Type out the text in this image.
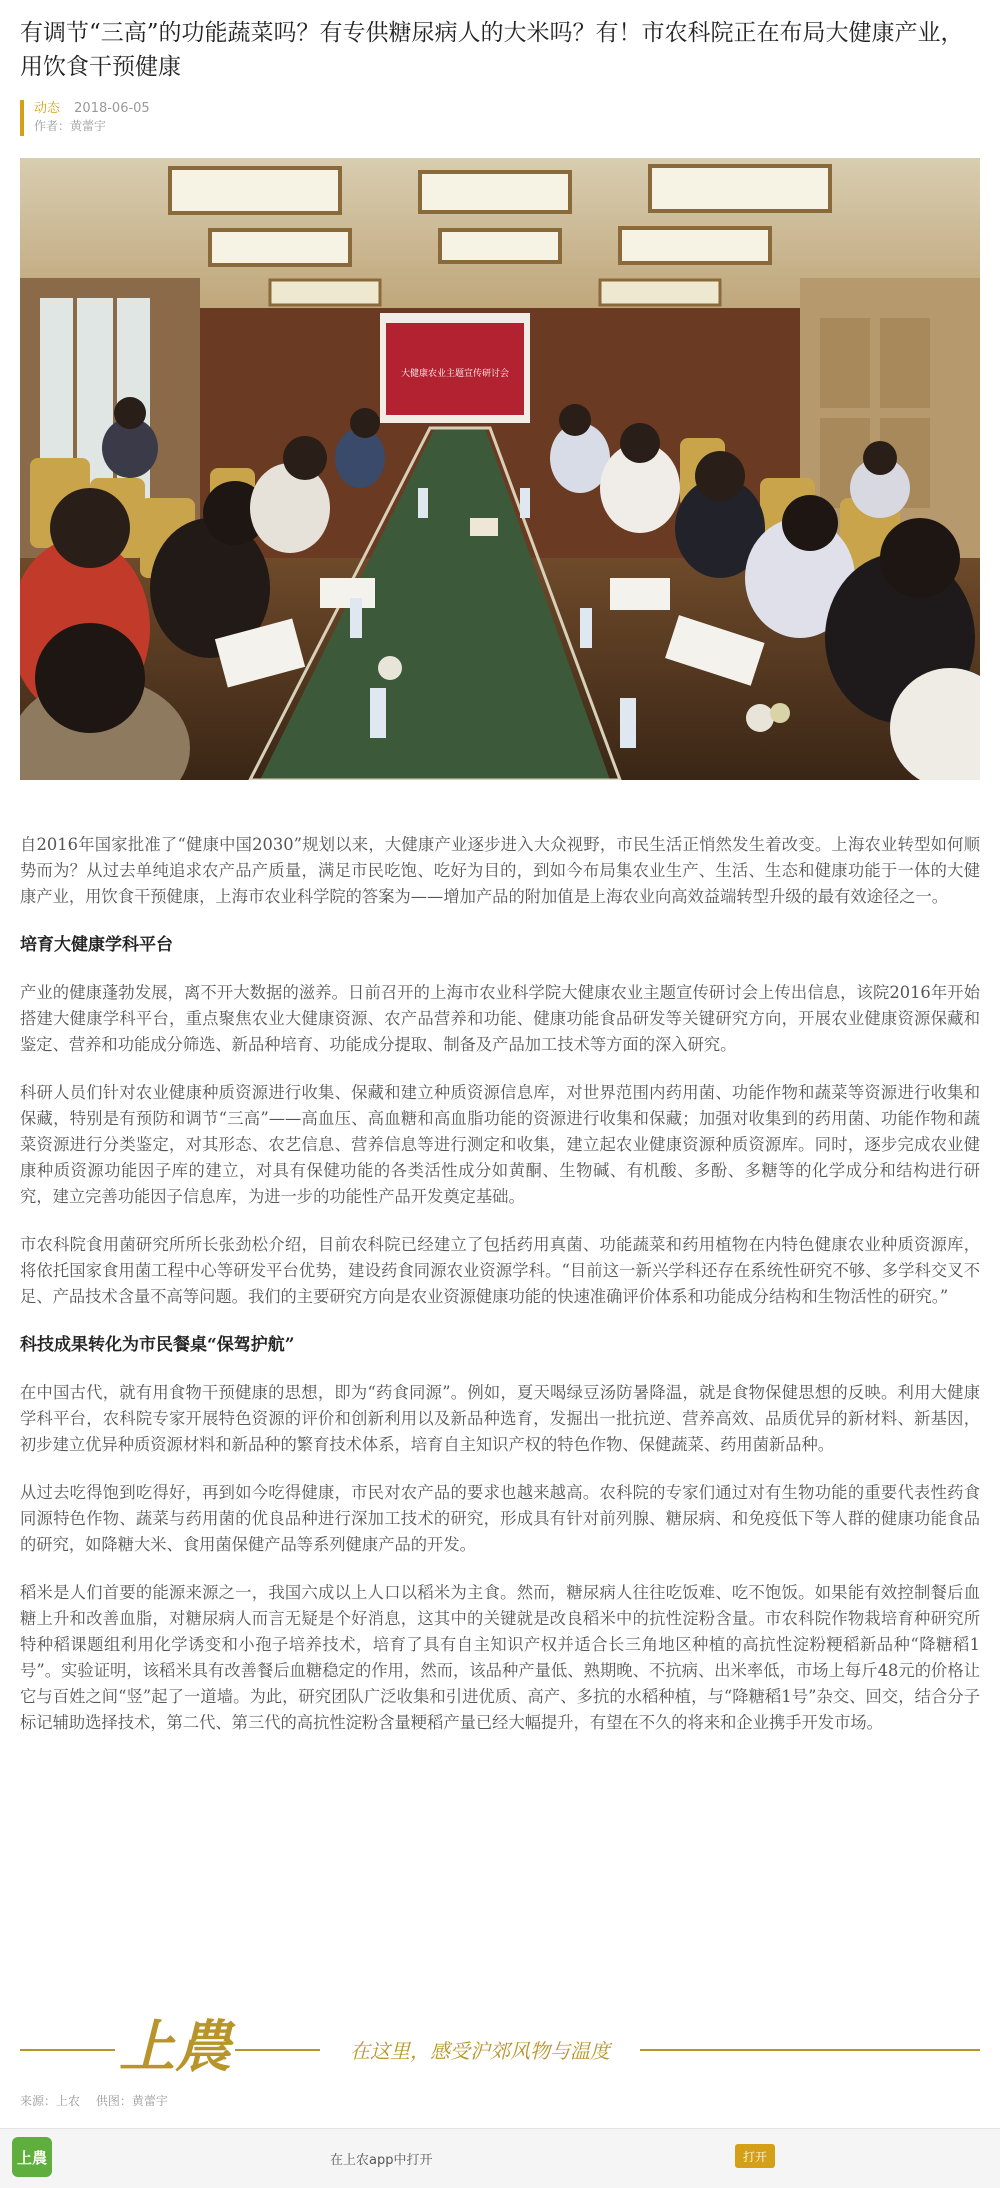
有调节“三高”的功能蔬菜吗？有专供糖尿病人的大米吗？有！市农科院正在布局大健康产业，用饮食干预健康
动态 2018-06-05
作者：黄蕾宇
大健康农业主题宣传研讨会

自2016年国家批准了“健康中国2030”规划以来，大健康产业逐步进入大众视野，市民生活正悄然发生着改变。上海农业转型如何顺势而为？从过去单纯追求农产品产质量，满足市民吃饱、吃好为目的，到如今布局集农业生产、生活、生态和健康功能于一体的大健康产业，用饮食干预健康，上海市农业科学院的答案为——增加产品的附加值是上海农业向高效益端转型升级的最有效途径之一。

培育大健康学科平台

产业的健康蓬勃发展，离不开大数据的滋养。日前召开的上海市农业科学院大健康农业主题宣传研讨会上传出信息，该院2016年开始搭建大健康学科平台，重点聚焦农业大健康资源、农产品营养和功能、健康功能食品研发等关键研究方向，开展农业健康资源保藏和鉴定、营养和功能成分筛选、新品种培育、功能成分提取、制备及产品加工技术等方面的深入研究。

科研人员们针对农业健康种质资源进行收集、保藏和建立种质资源信息库，对世界范围内药用菌、功能作物和蔬菜等资源进行收集和保藏，特别是有预防和调节“三高”——高血压、高血糖和高血脂功能的资源进行收集和保藏；加强对收集到的药用菌、功能作物和蔬菜资源进行分类鉴定，对其形态、农艺信息、营养信息等进行测定和收集，建立起农业健康资源种质资源库。同时，逐步完成农业健康种质资源功能因子库的建立，对具有保健功能的各类活性成分如黄酮、生物碱、有机酸、多酚、多糖等的化学成分和结构进行研究，建立完善功能因子信息库，为进一步的功能性产品开发奠定基础。

市农科院食用菌研究所所长张劲松介绍，目前农科院已经建立了包括药用真菌、功能蔬菜和药用植物在内特色健康农业种质资源库，将依托国家食用菌工程中心等研发平台优势，建设药食同源农业资源学科。“目前这一新兴学科还存在系统性研究不够、多学科交叉不足、产品技术含量不高等问题。我们的主要研究方向是农业资源健康功能的快速准确评价体系和功能成分结构和生物活性的研究。”

科技成果转化为市民餐桌“保驾护航”

在中国古代，就有用食物干预健康的思想，即为“药食同源”。例如，夏天喝绿豆汤防暑降温，就是食物保健思想的反映。利用大健康学科平台，农科院专家开展特色资源的评价和创新利用以及新品种选育，发掘出一批抗逆、营养高效、品质优异的新材料、新基因，初步建立优异种质资源材料和新品种的繁育技术体系，培育自主知识产权的特色作物、保健蔬菜、药用菌新品种。

从过去吃得饱到吃得好，再到如今吃得健康，市民对农产品的要求也越来越高。农科院的专家们通过对有生物功能的重要代表性药食同源特色作物、蔬菜与药用菌的优良品种进行深加工技术的研究，形成具有针对前列腺、糖尿病、和免疫低下等人群的健康功能食品的研究，如降糖大米、食用菌保健产品等系列健康产品的开发。

稻米是人们首要的能源来源之一，我国六成以上人口以稻米为主食。然而，糖尿病人往往吃饭难、吃不饱饭。如果能有效控制餐后血糖上升和改善血脂，对糖尿病人而言无疑是个好消息，这其中的关键就是改良稻米中的抗性淀粉含量。市农科院作物栽培育种研究所特种稻课题组利用化学诱变和小孢子培养技术，培育了具有自主知识产权并适合长三角地区种植的高抗性淀粉粳稻新品种“降糖稻1号”。实验证明，该稻米具有改善餐后血糖稳定的作用，然而，该品种产量低、熟期晚、不抗病、出米率低，市场上每斤48元的价格让它与百姓之间“竖”起了一道墙。为此，研究团队广泛收集和引进优质、高产、多抗的水稻种植，与“降糖稻1号”杂交、回交，结合分子标记辅助选择技术，第二代、第三代的高抗性淀粉含量粳稻产量已经大幅提升，有望在不久的将来和企业携手开发市场。

上農	在这里，感受沪郊风物与温度
来源：上农 供图：黄蕾宇
上農	在上农app中打开	打开
